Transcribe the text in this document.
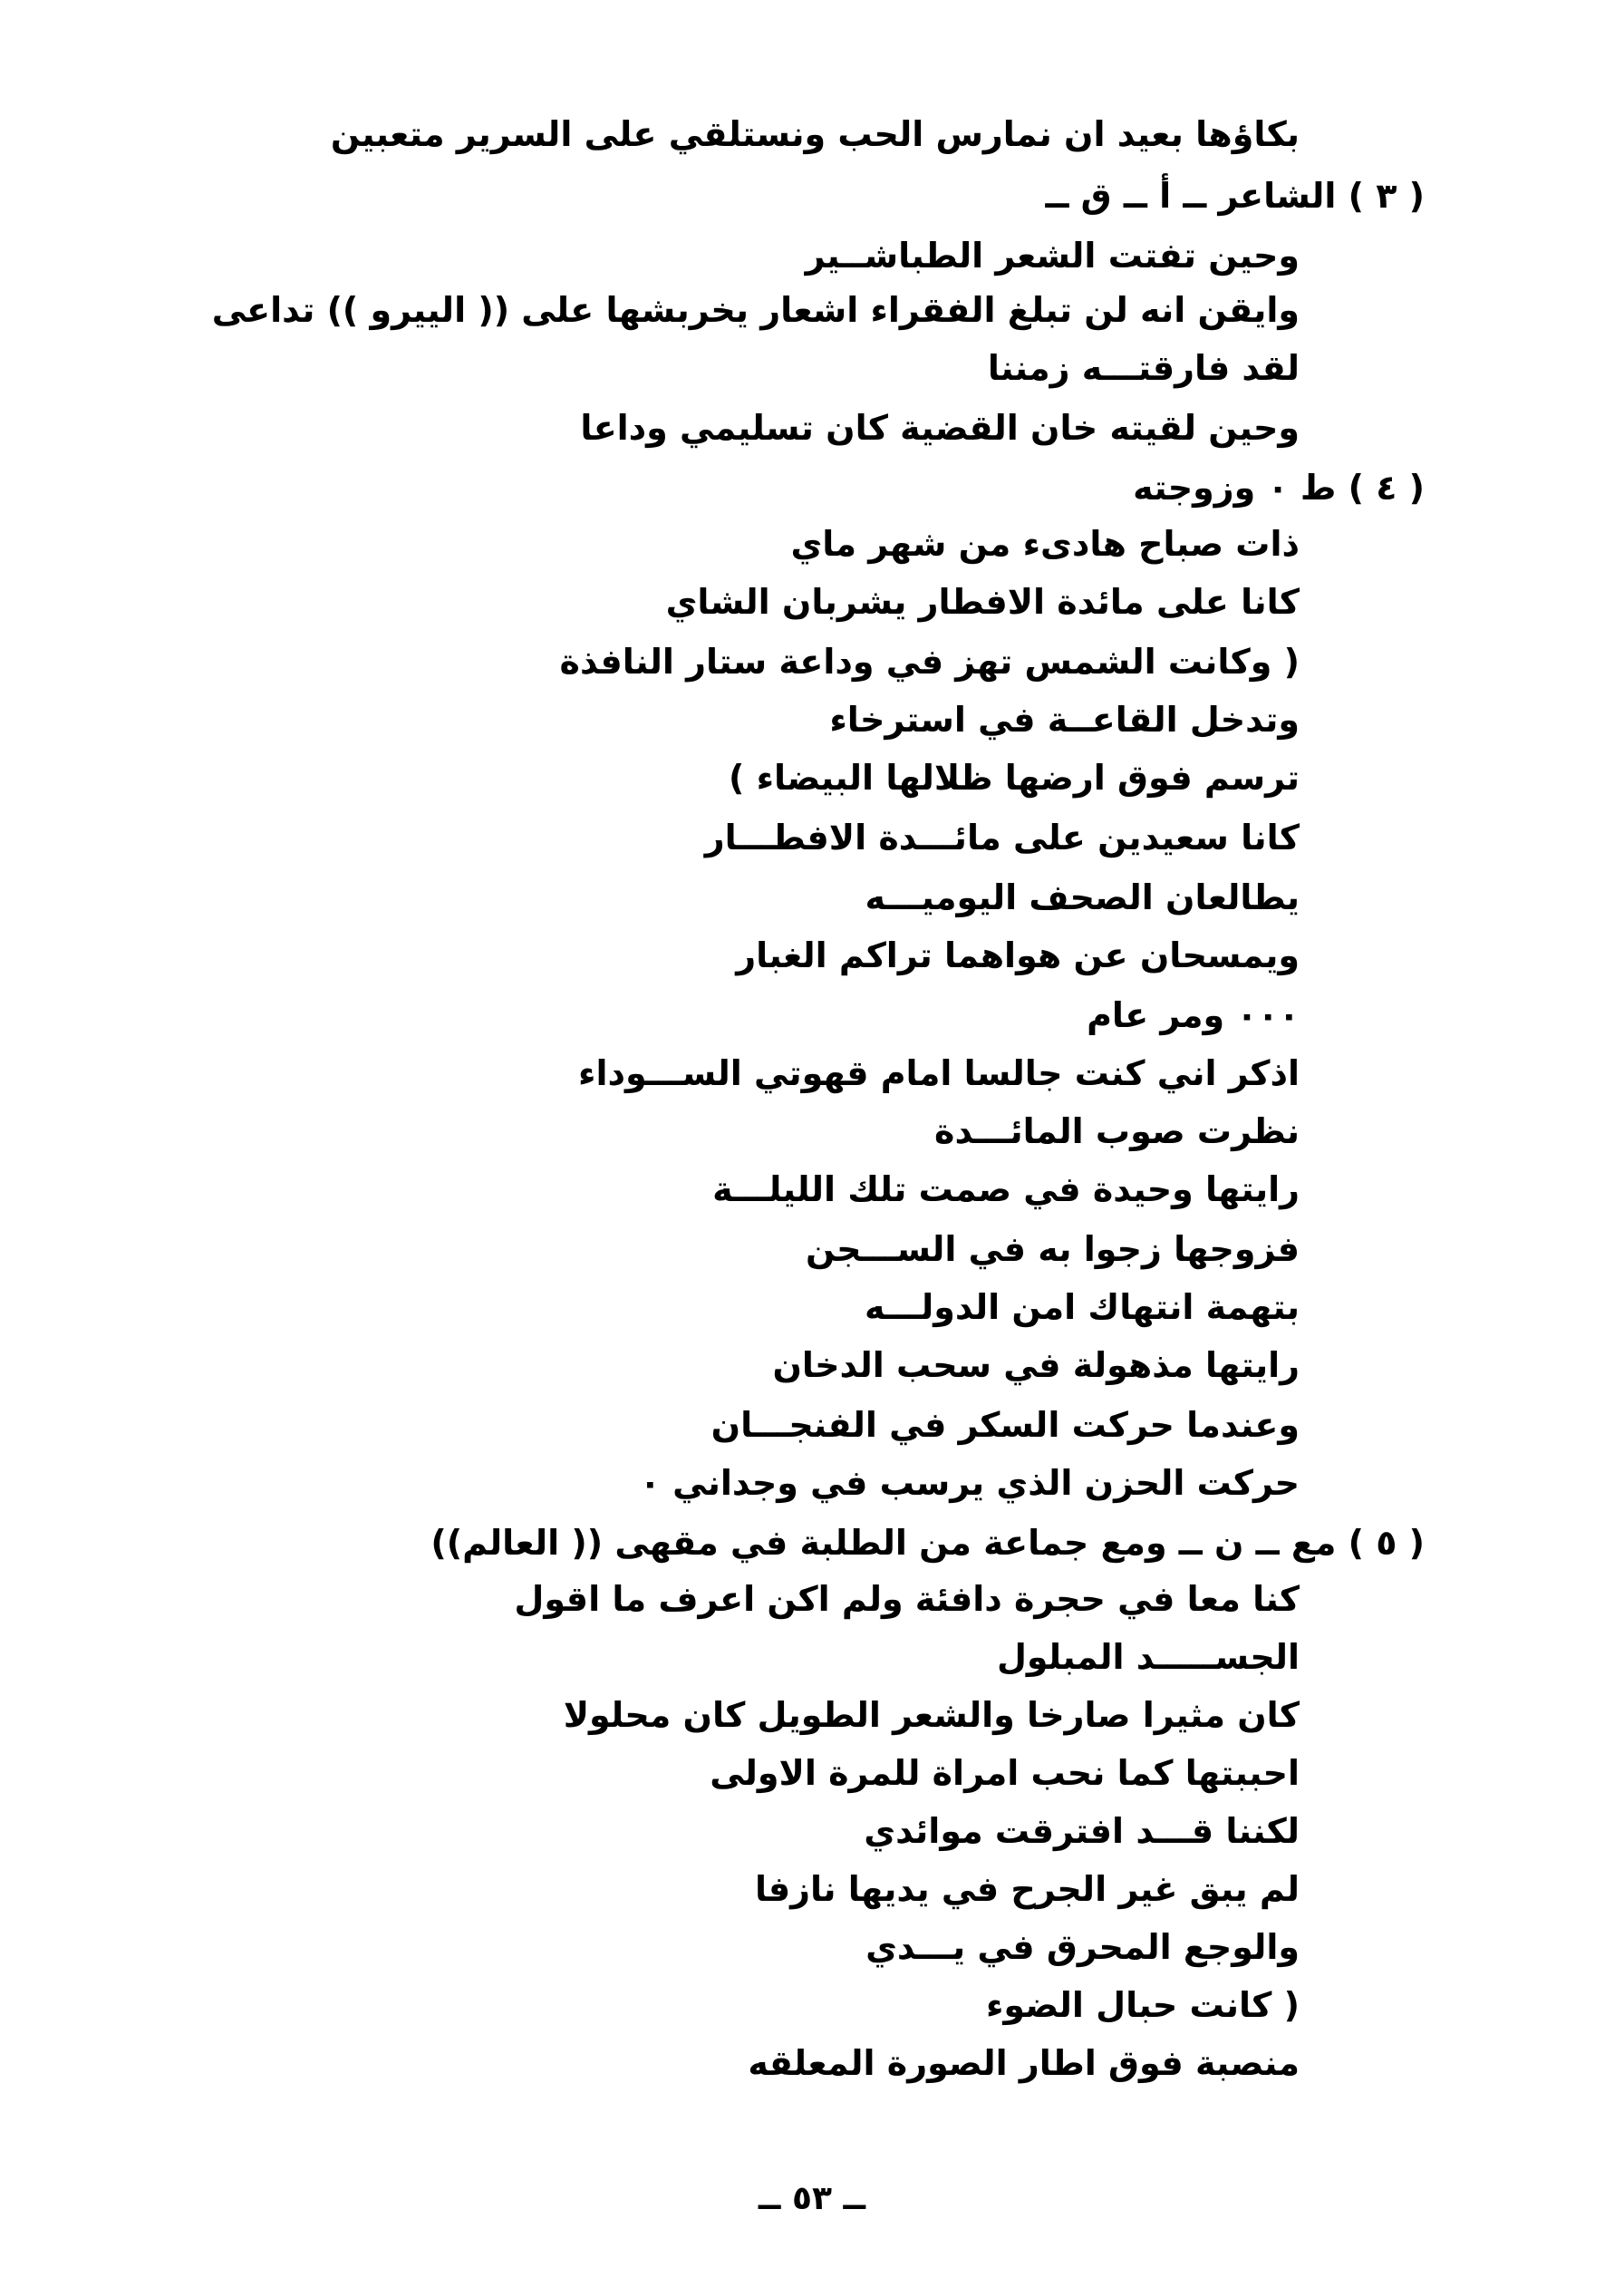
بكاؤها بعيد ان نمارس الحب ونستلقي على السرير متعبين
( ٣ ) الشاعر ــ أ ــ ق ــ
وحين تفتت الشعر الطباشــير
وايقن انه لن تبلغ الفقراء اشعار يخربشها على (( الييرو )) تداعى
لقد فارقتـــه زمننا
وحين لقيته خان القضية كان تسليمي وداعا
( ٤ ) ط ٠ وزوجته
ذات صباح هادىء من شهر ماي
كانا على مائدة الافطار يشربان الشاي
( وكانت الشمس تهز في وداعة ستار النافذة
وتدخل القاعــة في استرخاء
ترسم فوق ارضها ظلالها البيضاء )
كانا سعيدين على مائـــدة الافطـــار
يطالعان الصحف اليوميـــه
ويمسحان عن هواهما تراكم الغبار
٠٠٠ ومر عام
اذكر اني كنت جالسا امام قهوتي الســـوداء
نظرت صوب المائـــدة
رايتها وحيدة في صمت تلك الليلـــة
فزوجها زجوا به في الســـجن
بتهمة انتهاك امن الدولـــه
رايتها مذهولة في سحب الدخان
وعندما حركت السكر في الفنجـــان
حركت الحزن الذي يرسب في وجداني ٠
( ٥ ) مع ــ ن ــ ومع جماعة من الطلبة في مقهى (( العالم))
كنا معا في حجرة دافئة ولم اكن اعرف ما اقول
الجســـــد المبلول
كان مثيرا صارخا والشعر الطويل كان محلولا
احببتها كما نحب امراة للمرة الاولى
لكننا قـــد افترقت موائدي
لم يبق غير الجرح في يديها نازفا
والوجع المحرق في يـــدي
( كانت حبال الضوء
منصبة فوق اطار الصورة المعلقه
ــ ٥٣ ــ
